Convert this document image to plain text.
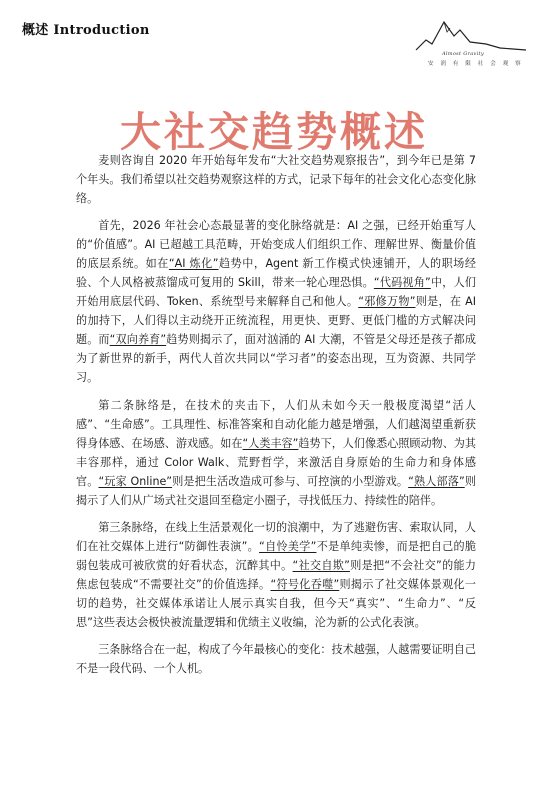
概述 Introduction
Almost Gravity
安 润 有 限 社 会 观 察
大社交趋势概述

麦则咨询自 2020 年开始每年发布“大社交趋势观察报告”，到今年已是第 7 个年头。我们希望以社交趋势观察这样的方式，记录下每年的社会文化心态变化脉络。

首先，2026 年社会心态最显著的变化脉络就是：AI 之强，已经开始重写人的“价值感”。AI 已超越工具范畴，开始变成人们组织工作、理解世界、衡量价值的底层系统。如在“AI 炼化”趋势中，Agent 新工作模式快速铺开，人的职场经验、个人风格被蒸馏成可复用的 Skill，带来一轮心理恐惧。“代码视角”中，人们开始用底层代码、Token、系统型号来解释自己和他人。“邪修万物”则是，在 AI 的加持下，人们得以主动绕开正统流程，用更快、更野、更低门槛的方式解决问题。而“双向养育”趋势则揭示了，面对汹涌的 AI 大潮，不管是父母还是孩子都成为了新世界的新手，两代人首次共同以“学习者”的姿态出现，互为资源、共同学习。

第二条脉络是，在技术的夹击下，人们从未如今天一般极度渴望“活人感”、“生命感”。工具理性、标准答案和自动化能力越是增强，人们越渴望重新获得身体感、在场感、游戏感。如在“人类丰容”趋势下，人们像悉心照顾动物、为其丰容那样，通过 Color Walk、荒野哲学，来激活自身原始的生命力和身体感官。“玩家 Online”则是把生活改造成可参与、可控演的小型游戏。“熟人部落”则揭示了人们从广场式社交退回至稳定小圈子，寻找低压力、持续性的陪伴。

第三条脉络，在线上生活景观化一切的浪潮中，为了逃避伤害、索取认同，人们在社交媒体上进行“防御性表演”。“自怜美学”不是单纯卖惨，而是把自己的脆弱包装成可被欣赏的好看状态，沉醉其中。“社交自欺”则是把“不会社交”的能力焦虑包装成“不需要社交”的价值选择。“符号化吞噬”则揭示了社交媒体景观化一切的趋势，社交媒体承诺让人展示真实自我，但今天“真实”、“生命力”、“反思”这些表达会极快被流量逻辑和优绩主义收编，沦为新的公式化表演。

三条脉络合在一起，构成了今年最核心的变化：技术越强，人越需要证明自己不是一段代码、一个人机。
